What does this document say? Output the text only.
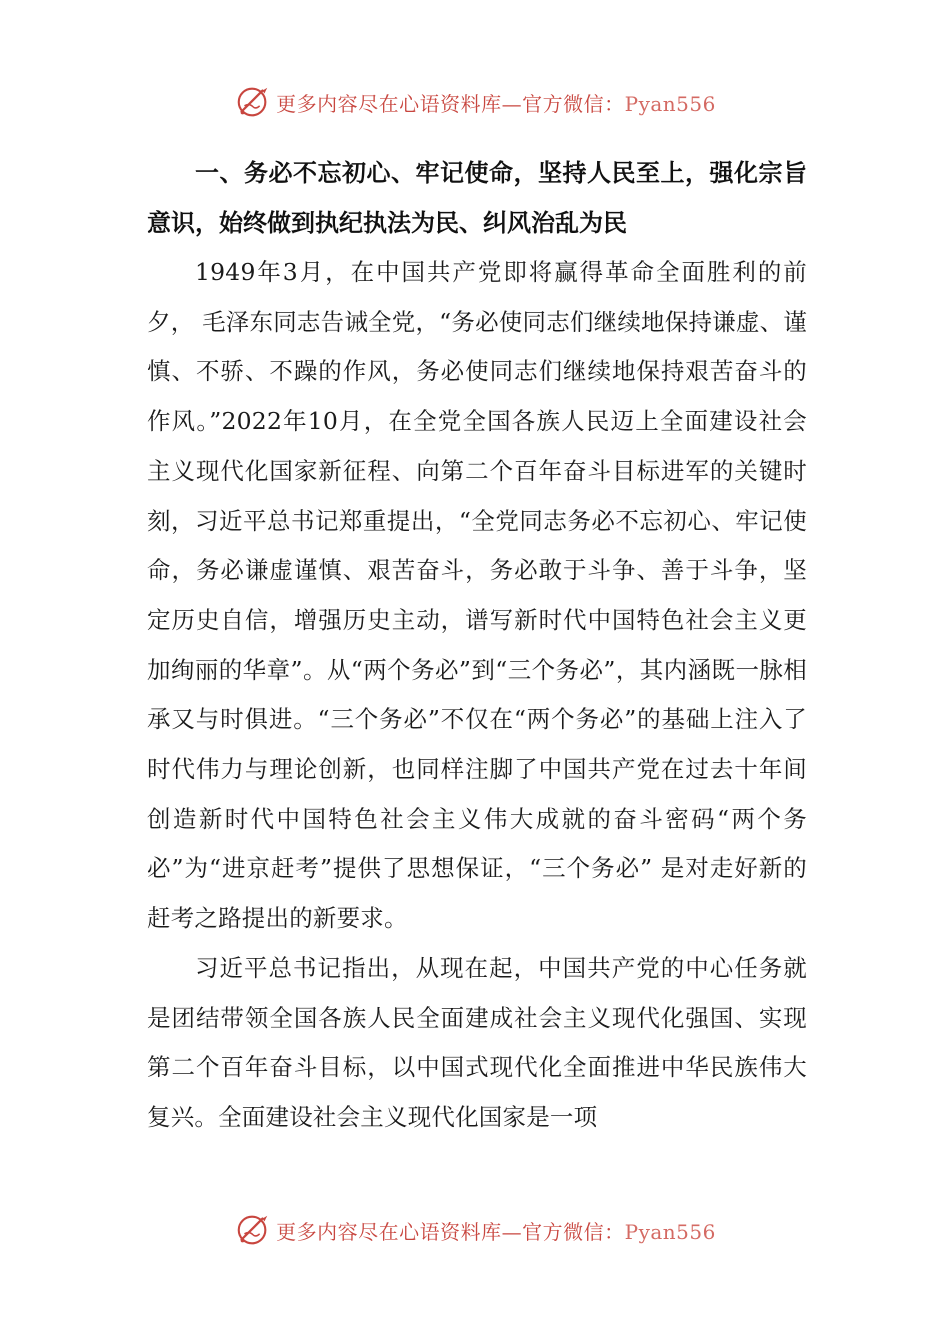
更多内容尽在心语资料库—官方微信：Pyan556

一、务必不忘初心、牢记使命，坚持人民至上，强化宗旨意识，始终做到执纪执法为民、纠风治乱为民

1949年3月，在中国共产党即将赢得革命全面胜利的前夕， 毛泽东同志告诫全党，“务必使同志们继续地保持谦虚、谨慎、不骄、不躁的作风，务必使同志们继续地保持艰苦奋斗的作风。”2022年10月，在全党全国各族人民迈上全面建设社会主义现代化国家新征程、向第二个百年奋斗目标进军的关键时刻，习近平总书记郑重提出，“全党同志务必不忘初心、牢记使命，务必谦虚谨慎、艰苦奋斗，务必敢于斗争、善于斗争，坚定历史自信，增强历史主动，谱写新时代中国特色社会主义更加绚丽的华章”。从“两个务必”到“三个务必”，其内涵既一脉相承又与时俱进。“三个务必”不仅在“两个务必”的基础上注入了时代伟力与理论创新，也同样注脚了中国共产党在过去十年间创造新时代中国特色社会主义伟大成就的奋斗密码“两个务必”为“进京赶考”提供了思想保证，“三个务必” 是对走好新的赶考之路提出的新要求。

习近平总书记指出，从现在起，中国共产党的中心任务就是团结带领全国各族人民全面建成社会主义现代化强国、实现第二个百年奋斗目标，以中国式现代化全面推进中华民族伟大复兴。全面建设社会主义现代化国家是一项

更多内容尽在心语资料库—官方微信：Pyan556
